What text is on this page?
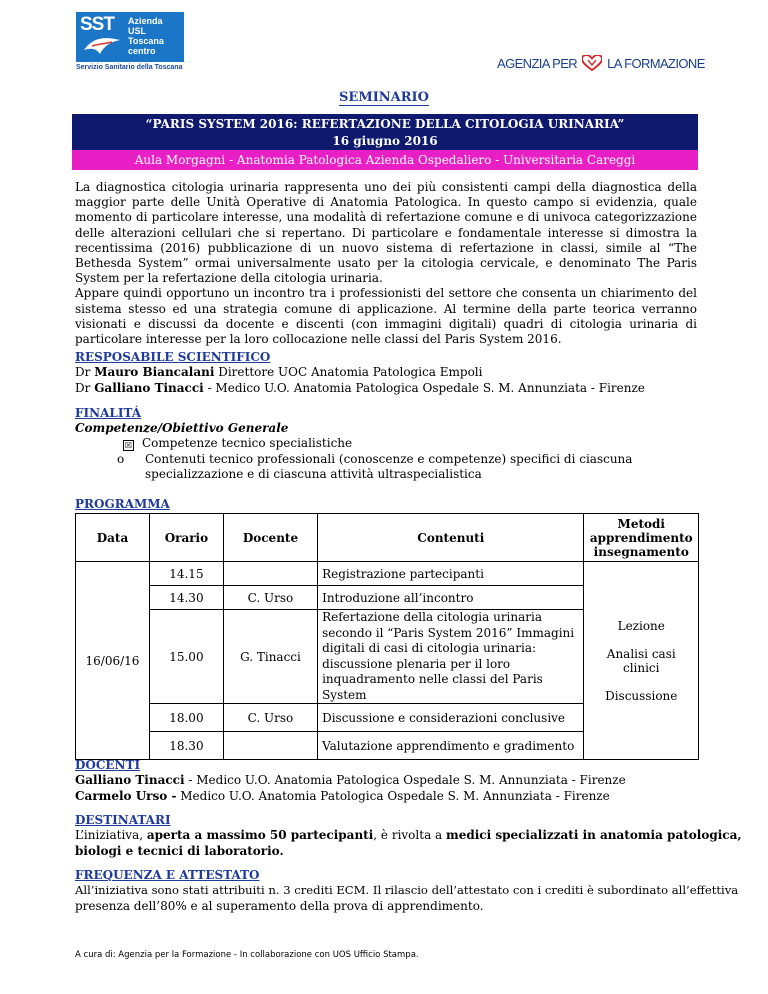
SST Azienda
USL
Toscana
centro
Servizio Sanitario della Toscana	AGENZIA PER LA FORMAZIONE
SEMINARIO
“PARIS SYSTEM 2016: REFERTAZIONE DELLA CITOLOGIA URINARIA”
16 giugno 2016
Aula Morgagni - Anatomia Patologica Azienda Ospedaliero - Universitaria Careggi

La diagnostica citologia urinaria rappresenta uno dei più consistenti campi della diagnostica della maggior parte delle Unità Operative di Anatomia Patologica. In questo campo si evidenzia, quale momento di particolare interesse, una modalità di refertazione comune e di univoca categorizzazione delle alterazioni cellulari che si repertano. Di particolare e fondamentale interesse si dimostra la recentissima (2016) pubblicazione di un nuovo sistema di refertazione in classi, simile al “The Bethesda System” ormai universalmente usato per la citologia cervicale, e denominato The Paris System per la refertazione della citologia urinaria.

Appare quindi opportuno un incontro tra i professionisti del settore che consenta un chiarimento del sistema stesso ed una strategia comune di applicazione. Al termine della parte teorica verranno visionati e discussi da docente e discenti (con immagini digitali) quadri di citologia urinaria di particolare interesse per la loro collocazione nelle classi del Paris System 2016.

RESPOSABILE SCIENTIFICO
Dr Mauro Biancalani Direttore UOC Anatomia Patologica Empoli
Dr Galliano Tinacci - Medico U.O. Anatomia Patologica Ospedale S. M. Annunziata - Firenze
FINALITÁ
Competenze/Obiettivo Generale
☒ Competenze tecnico specialistiche
o Contenuti tecnico professionali (conoscenze e competenze) specifici di ciascuna specializzazione e di ciascuna attività ultraspecialistica
PROGRAMMA
Data	Orario	Docente	Contenuti	Metodi apprendimento insegnamento
16/06/16	14.15		Registrazione partecipanti	Lezione
Analisi casi clinici
Discussione

	14.30	C. Urso	Introduzione all’incontro	
	15.00	G. Tinacci	Refertazione della citologia urinaria secondo il “Paris System 2016” Immagini digitali di casi di citologia urinaria: discussione plenaria per il loro inquadramento nelle classi del Paris System	
	18.00	C. Urso	Discussione e considerazioni conclusive	
	18.30		Valutazione apprendimento e gradimento	
DOCENTI
Galliano Tinacci - Medico U.O. Anatomia Patologica Ospedale S. M. Annunziata - Firenze
Carmelo Urso - Medico U.O. Anatomia Patologica Ospedale S. M. Annunziata - Firenze
DESTINATARI
L’iniziativa, aperta a massimo 50 partecipanti, è rivolta a medici specializzati in anatomia patologica,
biologi e tecnici di laboratorio.
FREQUENZA E ATTESTATO
All’iniziativa sono stati attribuiti n. 3 crediti ECM. Il rilascio dell’attestato con i crediti è subordinato all’effettiva
presenza dell’80% e al superamento della prova di apprendimento.
A cura di: Agenzia per la Formazione - In collaborazione con UOS Ufficio Stampa.
